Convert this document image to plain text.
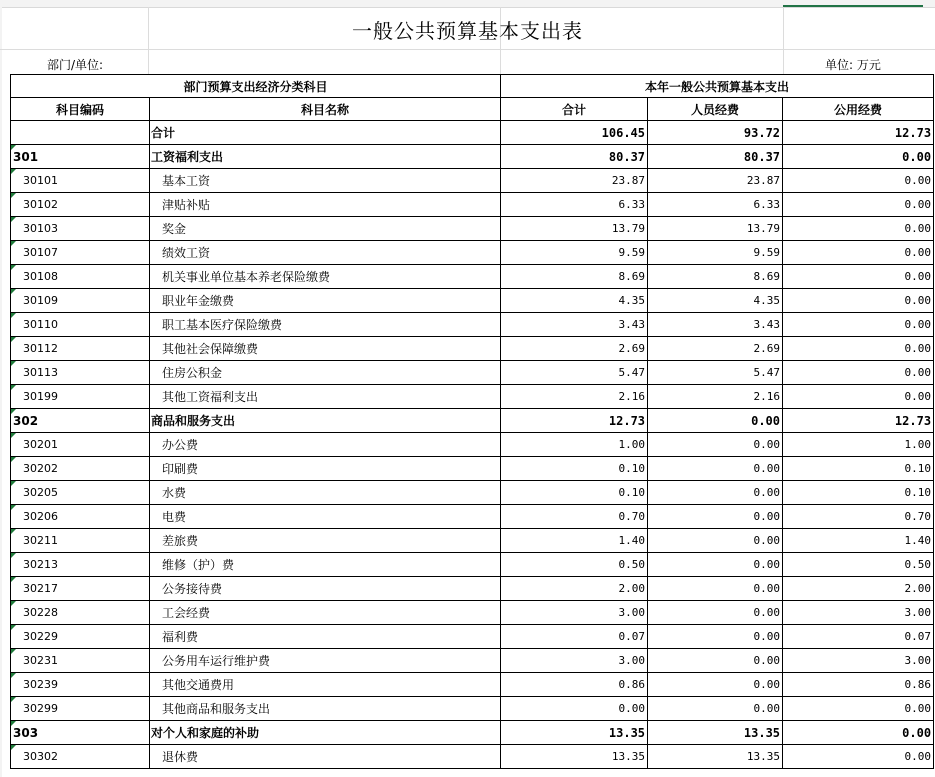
一般公共预算基本支出表
部门/单位:	单位: 万元
部门预算支出经济分类科目		本年一般公共预算基本支出		
科目编码	科目名称	合计	人员经费	公用经费
	合计	106.45	93.72	12.73

301	工资福利支出	80.37	80.37	0.00

30101	基本工资	23.87	23.87	0.00

30102	津贴补贴	6.33	6.33	0.00

30103	奖金	13.79	13.79	0.00

30107	绩效工资	9.59	9.59	0.00

30108	机关事业单位基本养老保险缴费	8.69	8.69	0.00

30109	职业年金缴费	4.35	4.35	0.00

30110	职工基本医疗保险缴费	3.43	3.43	0.00

30112	其他社会保障缴费	2.69	2.69	0.00

30113	住房公积金	5.47	5.47	0.00

30199	其他工资福利支出	2.16	2.16	0.00

302	商品和服务支出	12.73	0.00	12.73

30201	办公费	1.00	0.00	1.00

30202	印刷费	0.10	0.00	0.10

30205	水费	0.10	0.00	0.10

30206	电费	0.70	0.00	0.70

30211	差旅费	1.40	0.00	1.40

30213	维修（护）费	0.50	0.00	0.50

30217	公务接待费	2.00	0.00	2.00

30228	工会经费	3.00	0.00	3.00

30229	福利费	0.07	0.00	0.07

30231	公务用车运行维护费	3.00	0.00	3.00

30239	其他交通费用	0.86	0.00	0.86

30299	其他商品和服务支出	0.00	0.00	0.00

303	对个人和家庭的补助	13.35	13.35	0.00

30302	退休费	13.35	13.35	0.00
